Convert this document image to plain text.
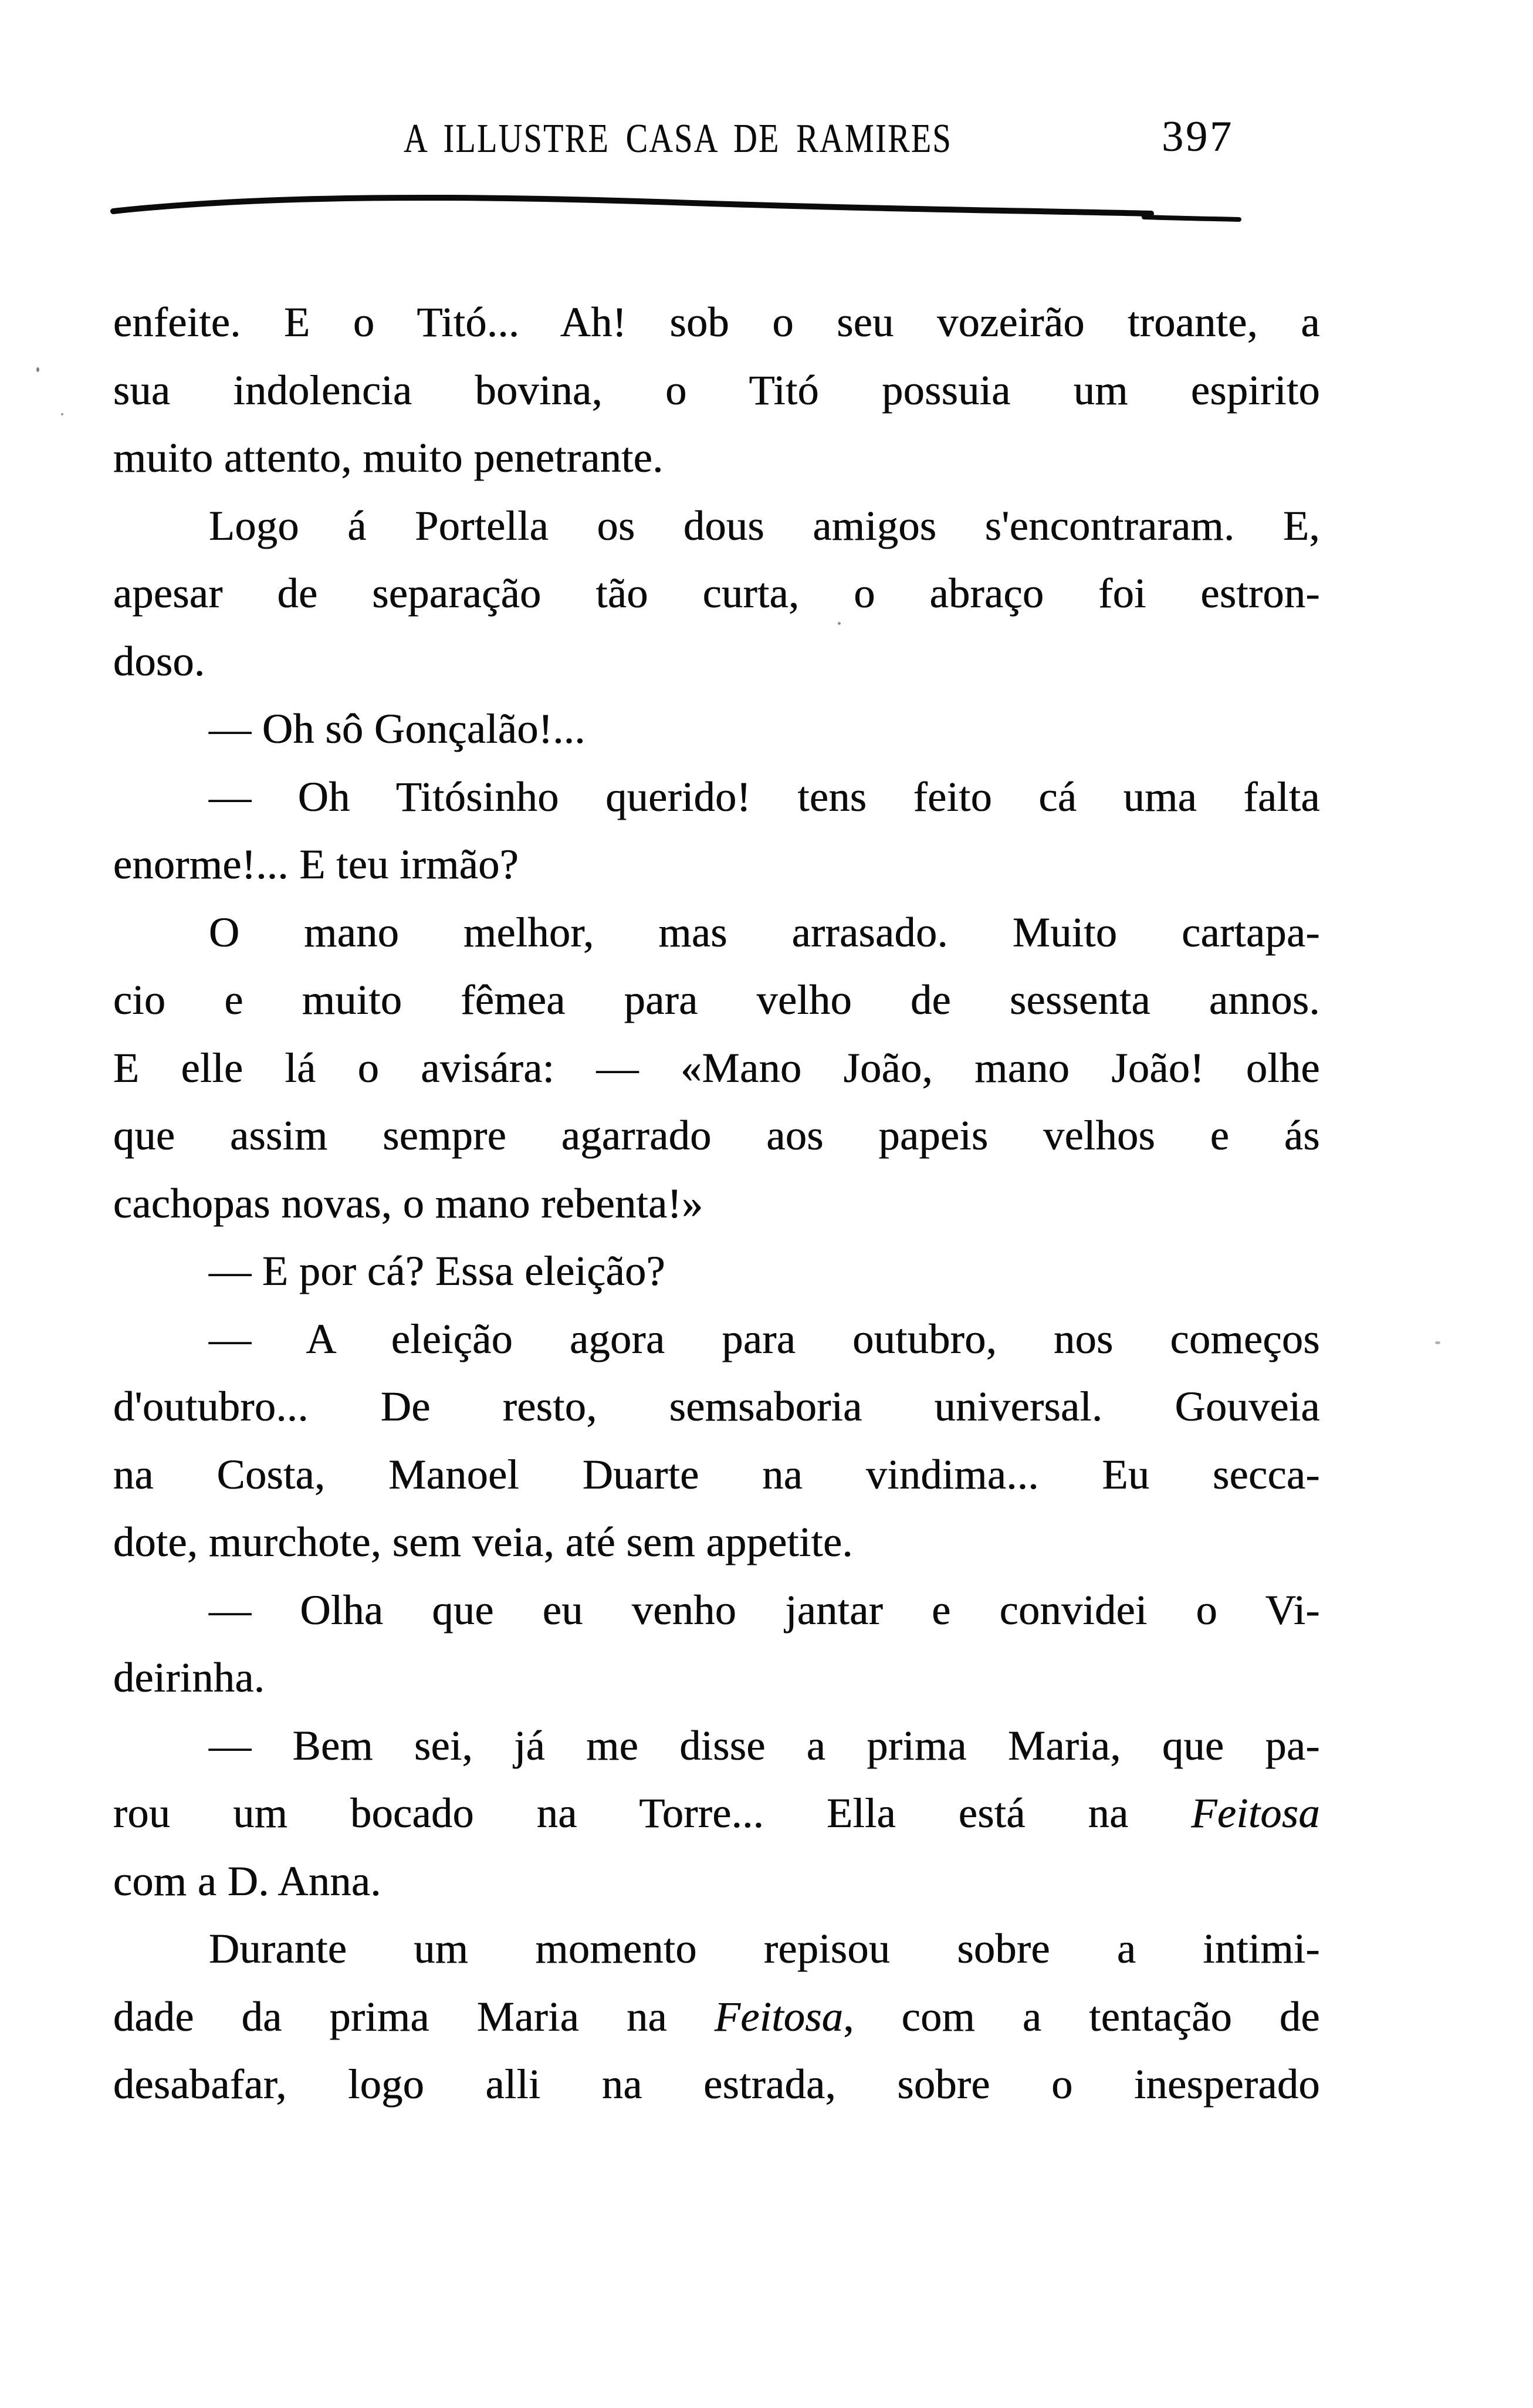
A ILLUSTRE CASA DE RAMIRES	397
enfeite. E o Titó... Ah! sob o seu vozeirão troante, a
sua indolencia bovina, o Titó possuia um espirito
muito attento, muito penetrante.
Logo á Portella os dous amigos s'encontraram. E,
apesar de separação tão curta, o abraço foi estron-
doso.
— Oh sô Gonçalão!...
— Oh Titósinho querido! tens feito cá uma falta
enorme!... E teu irmão?
O mano melhor, mas arrasado. Muito cartapa-
cio e muito fêmea para velho de sessenta annos.
E elle lá o avisára: — «Mano João, mano João! olhe
que assim sempre agarrado aos papeis velhos e ás
cachopas novas, o mano rebenta!»
— E por cá? Essa eleição?
— A eleição agora para outubro, nos começos
d'outubro... De resto, semsaboria universal. Gouveia
na Costa, Manoel Duarte na vindima... Eu secca-
dote, murchote, sem veia, até sem appetite.
— Olha que eu venho jantar e convidei o Vi-
deirinha.
— Bem sei, já me disse a prima Maria, que pa-
rou um bocado na Torre... Ella está na Feitosa
com a D. Anna.
Durante um momento repisou sobre a intimi-
dade da prima Maria na Feitosa, com a tentação de
desabafar, logo alli na estrada, sobre o inesperado
